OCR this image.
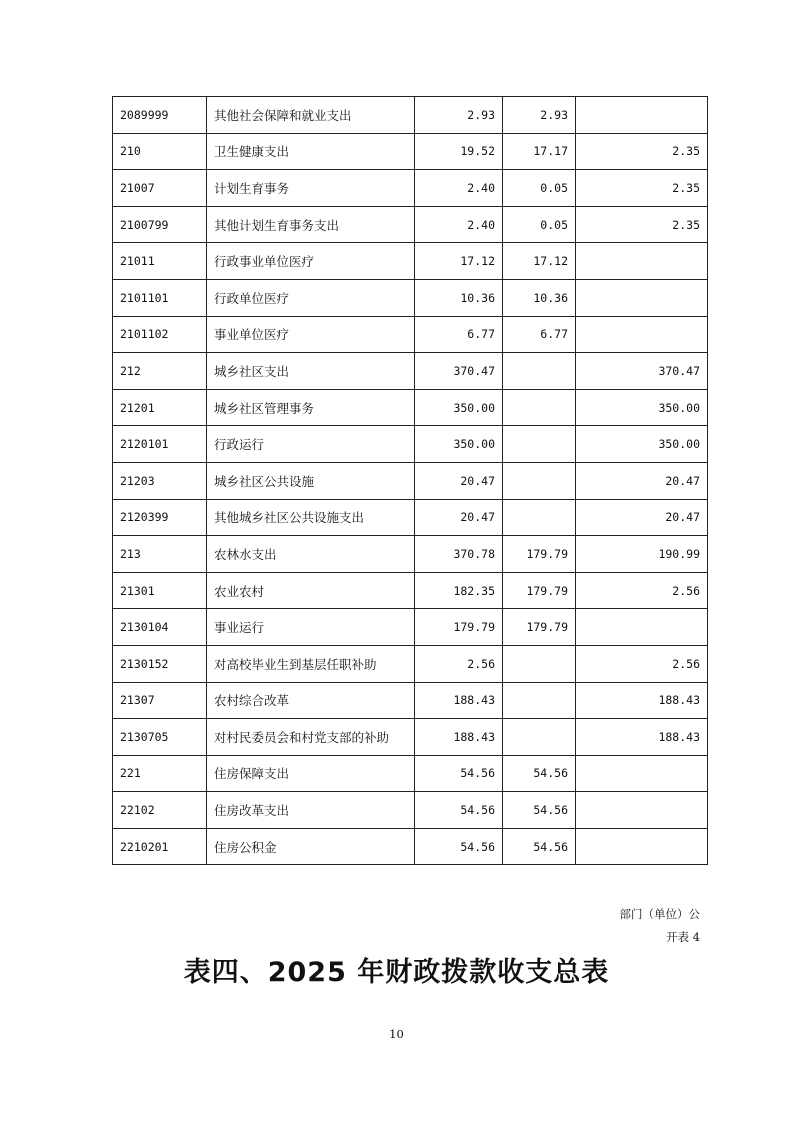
2089999	其他社会保障和就业支出	2.93	2.93	
210	卫生健康支出	19.52	17.17	2.35
21007	计划生育事务	2.40	0.05	2.35
2100799	其他计划生育事务支出	2.40	0.05	2.35
21011	行政事业单位医疗	17.12	17.12	
2101101	行政单位医疗	10.36	10.36	
2101102	事业单位医疗	6.77	6.77	
212	城乡社区支出	370.47		370.47
21201	城乡社区管理事务	350.00		350.00
2120101	行政运行	350.00		350.00
21203	城乡社区公共设施	20.47		20.47
2120399	其他城乡社区公共设施支出	20.47		20.47
213	农林水支出	370.78	179.79	190.99
21301	农业农村	182.35	179.79	2.56
2130104	事业运行	179.79	179.79	
2130152	对高校毕业生到基层任职补助	2.56		2.56
21307	农村综合改革	188.43		188.43
2130705	对村民委员会和村党支部的补助	188.43		188.43
221	住房保障支出	54.56	54.56	
22102	住房改革支出	54.56	54.56	
2210201	住房公积金	54.56	54.56	
部门（单位）公
开表 4
表四、2025 年财政拨款收支总表
10
